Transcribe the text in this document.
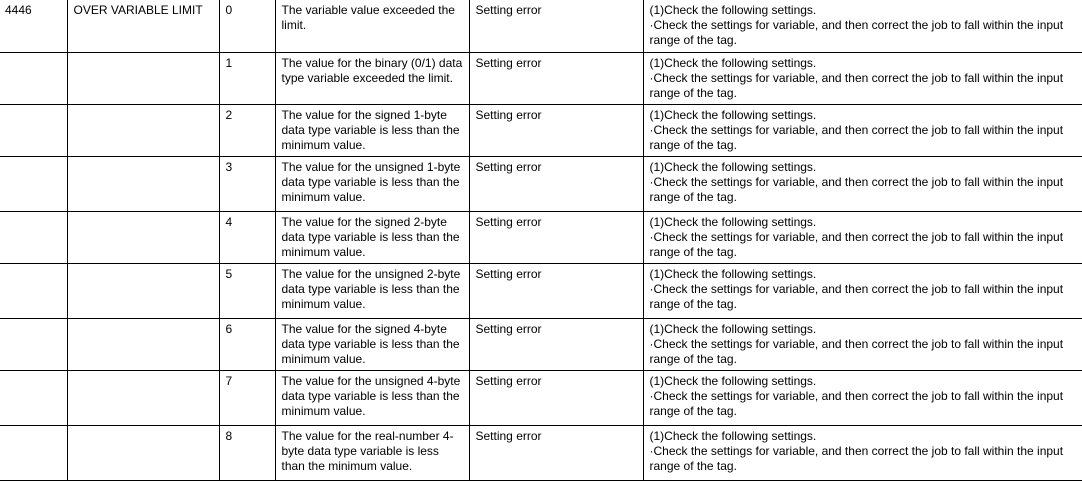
4446	OVER VARIABLE LIMIT	0	The variable value exceeded the limit.	Setting error	(1)Check the following settings.
·Check the settings for variable, and then correct the job to fall within the input
range of the tag.

		1	The value for the binary (0/1) data type variable exceeded the limit.	Setting error	(1)Check the following settings.
·Check the settings for variable, and then correct the job to fall within the input
range of the tag.

		2	The value for the signed 1-byte data type variable is less than the minimum value.	Setting error	(1)Check the following settings.
·Check the settings for variable, and then correct the job to fall within the input
range of the tag.

		3	The value for the unsigned 1-byte data type variable is less than the minimum value.	Setting error	(1)Check the following settings.
·Check the settings for variable, and then correct the job to fall within the input
range of the tag.

		4	The value for the signed 2-byte data type variable is less than the minimum value.	Setting error	(1)Check the following settings.
·Check the settings for variable, and then correct the job to fall within the input
range of the tag.

		5	The value for the unsigned 2-byte data type variable is less than the minimum value.	Setting error	(1)Check the following settings.
·Check the settings for variable, and then correct the job to fall within the input
range of the tag.

		6	The value for the signed 4-byte data type variable is less than the minimum value.	Setting error	(1)Check the following settings.
·Check the settings for variable, and then correct the job to fall within the input
range of the tag.

		7	The value for the unsigned 4-byte data type variable is less than the minimum value.	Setting error	(1)Check the following settings.
·Check the settings for variable, and then correct the job to fall within the input
range of the tag.

		8	The value for the real-number 4-byte data type variable is less than the minimum value.	Setting error	(1)Check the following settings.
·Check the settings for variable, and then correct the job to fall within the input
range of the tag.
